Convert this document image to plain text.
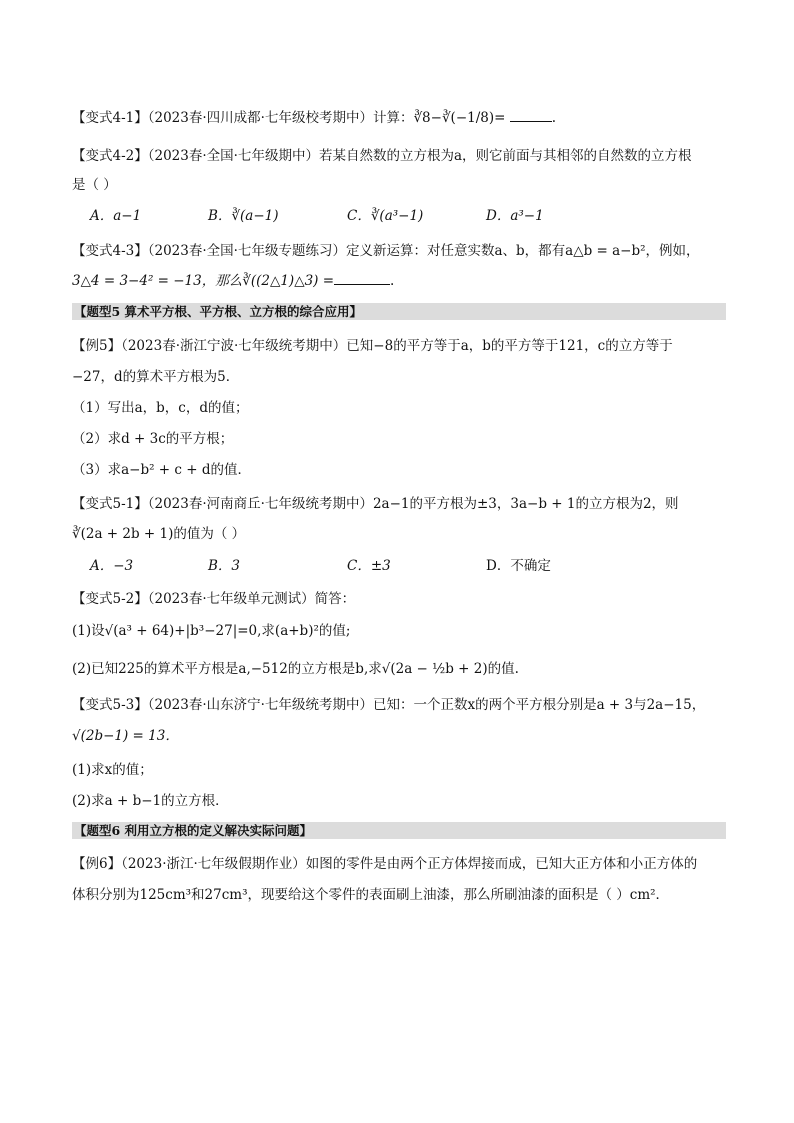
【变式4-1】（2023春·四川成都·七年级校考期中）计算：∛8−∛(−1/8)=	.
【变式4-2】（2023春·全国·七年级期中）若某自然数的立方根为a，则它前面与其相邻的自然数的立方根
是（ ）
A．a−1	B．∛(a−1)	C．∛(a³−1)	D．a³−1
【变式4-3】（2023春·全国·七年级专题练习）定义新运算：对任意实数a、b，都有a△b = a−b²，例如，
3△4 = 3−4² = −13，那么∛((2△1)△3) =	.
【题型5 算术平方根、平方根、立方根的综合应用】
【例5】（2023春·浙江宁波·七年级统考期中）已知−8的平方等于a，b的平方等于121，c的立方等于
−27，d的算术平方根为5．
（1）写出a，b，c，d的值；
（2）求d + 3c的平方根；
（3）求a−b² + c + d的值．
【变式5-1】（2023春·河南商丘·七年级统考期中）2a−1的平方根为±3，3a−b + 1的立方根为2，则
∛(2a + 2b + 1)的值为（ ）
A．−3	B．3	C．±3	D．不确定
【变式5-2】（2023春·七年级单元测试）简答：
(1)设√(a³ + 64)+|b³−27|=0,求(a+b)²的值;
(2)已知225的算术平方根是a,−512的立方根是b,求√(2a − ½b + 2)的值.
【变式5-3】（2023春·山东济宁·七年级统考期中）已知：一个正数x的两个平方根分别是a + 3与2a−15，
√(2b−1) = 13．
(1)求x的值；
(2)求a + b−1的立方根．
【题型6 利用立方根的定义解决实际问题】
【例6】（2023·浙江·七年级假期作业）如图的零件是由两个正方体焊接而成，已知大正方体和小正方体的
体积分别为125cm³和27cm³，现要给这个零件的表面刷上油漆，那么所刷油漆的面积是（ ）cm²．
